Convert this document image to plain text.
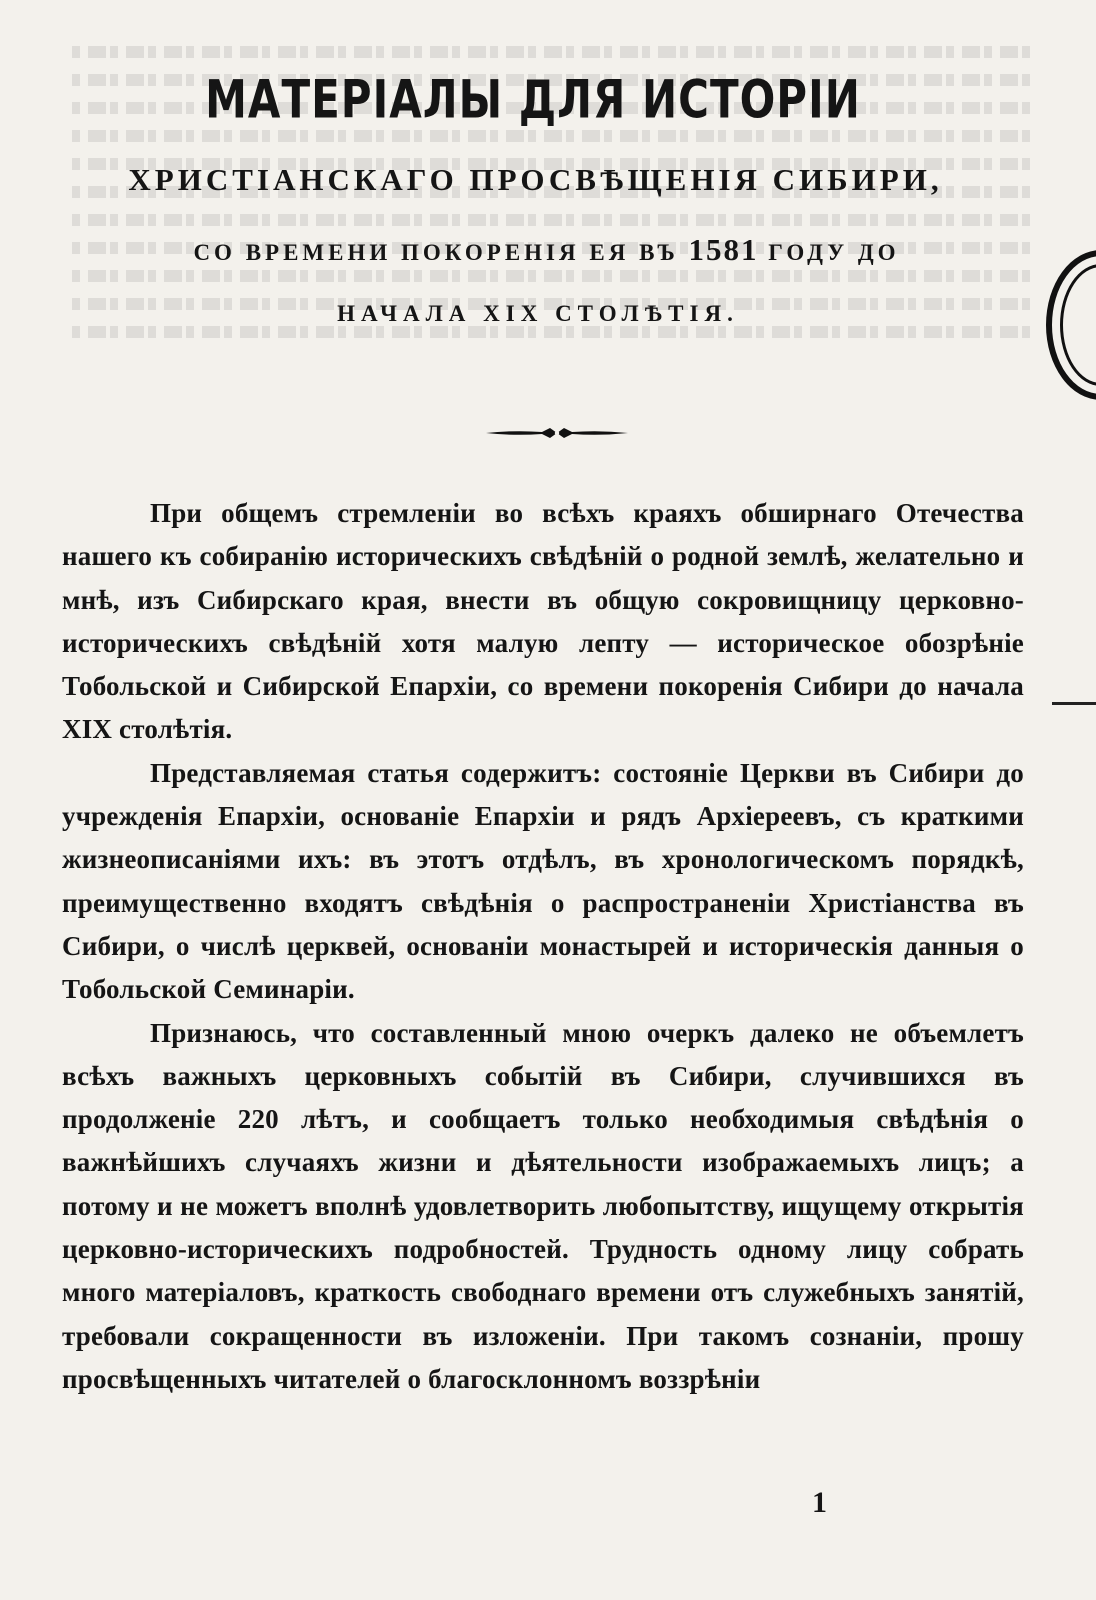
МАТЕРІАЛЫ ДЛЯ ИСТОРІИ
ХРИСТІАНСКАГО ПРОСВѢЩЕНІЯ СИБИРИ,
СО ВРЕМЕНИ ПОКОРЕНІЯ ЕЯ ВЪ 1581 ГОДУ ДО
НАЧАЛА XIX СТОЛѢТІЯ.

При общемъ стремленіи во всѣхъ краяхъ обширнаго Отечества нашего къ собиранію историческихъ свѣдѣній о родной землѣ, желательно и мнѣ, изъ Сибирскаго края, внести въ общую сокровищницу церковно-историческихъ свѣдѣній хотя малую лепту — историческое обозрѣніе Тобольской и Сибирской Епархіи, со времени покоренія Сибири до начала XIX столѣтія.

Представляемая статья содержитъ: состояніе Церкви въ Сибири до учрежденія Епархіи, основаніе Епархіи и рядъ Архіереевъ, съ краткими жизнеописаніями ихъ: въ этотъ отдѣлъ, въ хронологическомъ порядкѣ, преимущественно входятъ свѣдѣнія о распространеніи Христіанства въ Сибири, о числѣ церквей, основаніи монастырей и историческія данныя о Тобольской Семинаріи.

Признаюсь, что составленный мною очеркъ далеко не объемлетъ всѣхъ важныхъ церковныхъ событій въ Сибири, случившихся въ продолженіе 220 лѣтъ, и сообщаетъ только необходимыя свѣдѣнія о важнѣйшихъ случаяхъ жизни и дѣятельности изображаемыхъ лицъ; а потому и не можетъ вполнѣ удовлетворить любопытству, ищущему открытія церковно-историческихъ подробностей. Трудность одному лицу собрать много матеріаловъ, краткость свободнаго времени отъ служебныхъ занятій, требовали сокращенности въ изложеніи. При такомъ сознаніи, прошу просвѣщенныхъ читателей о благосклонномъ воззрѣніи

1
